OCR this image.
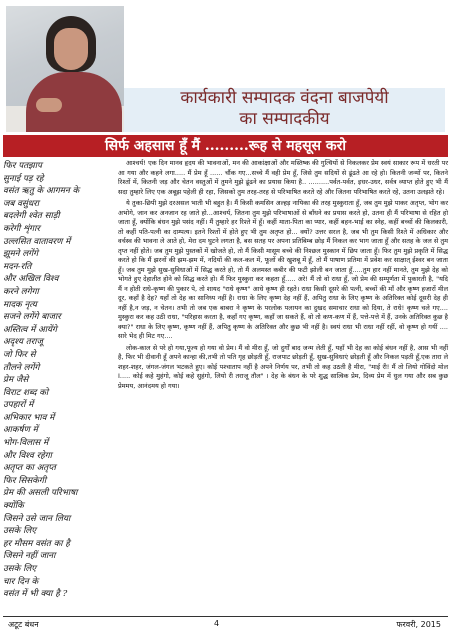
कार्यकारी सम्पादक वंदना बाजपेयी
का सम्पादकीय
सिर्फ अहसास हूँ मैं .........रूह से महसूस करो
फिर पतझाप
सुनाई पड़ रहे
वसंत ऋतु के आगमन के
जब वसुंधरा
बदलेगी श्वेत साड़ी
करेगी शृंगार
उल्लसित वातावरण में
झूमने लगेंगे
मदन-रति
और अखिल विश्व
करने लगेगा
मादक नृत्य
सजने लगेंगे बाजार
अस्तित्व में आयेंगे
अदृश्य तराजू
जो फिर से
तौलने लगेंगे
प्रेम जैसे
विराट शब्द को
उपहारों में
अभिकार भाव में
आकर्षण में
भोग-विलास में
और विश्व रहेगा
अतृप्त का अतृप्त
फिर सिसकेगी
प्रेम की असली परिभाषा
क्योंकि
जिसने उसे जान लिया
उसके लिए
हर मौसम वसंत का है
जिसने नहीं जाना
उसके लिए
चार दिन के
वसंत में भी क्या है ?

आश्चर्य! एक दिन मानव हृदय की भावनाओं, मन की आकांक्षाओं और मस्तिष्क की गुत्थियों से निकलकर प्रेम स्वयं साकार रूप में धरती पर आ गया और कहने लगा..... मैं प्रेम हूँ ...... चौंक गए...सच्चे मैं वही प्रेम हूँ, जिसे तुम सदियों से ढूंढते आ रहे हो। कितनी जन्मों पर, कितने रिश्तों में, कितनी जड़ और चेतन वस्तुओं में तुमने मुझे ढूंढने का प्रयास किया है.. ..........पर्वत-पर्वत, इधर-उधर, सर्वत्र व्याप्त होते हुए भी मैं सदा तुम्हारे लिए एक अबूझ पहेली ही रहा, जिसको तुम तरह-तरह से परिभाषित करते रहे और जितना परिभाषित करते रहे, उतना उलझते रहे।

ये तुका-छिपी मुझे दरअसल भाती भी बहुत है। मैं किसी कमसिन अल्हड़ नायिका की तरह मुस्कुराता हूँ, जब तुम मुझे पाकर अतृप्त, भोग कर अभोगे, जान कर अनजान रह जाते हो...आश्चर्य, जितना तुम मुझे परिभाषाओं से बाँधने का प्रयास करते हो, उतना ही मैं परिभाषा से रहित हो जाता हूँ, क्योंकि बंधन मुझे पसंद नहीं। मैं तुम्हारे हर रिश्ते में हूँ। कहीं माता-पिता का प्यार, कहीं बहन-भाई का स्नेह, कहीं बच्चों की किलकारी, तो कहीं पति-पत्नी का दाम्पत्य। इतने रिश्तों में होते हुए भी तुम अतृप्त हो... क्यों? उत्तर सरल है, जब भी तुम किसी रिश्ते में अधिकार और वर्चस्व की भावना ले आते हो, मेरा दम घुटने लगता है, बस सतह पर अपना प्रतिबिम्ब छोड़ मैं निकल कर भाग जाता हूँ और सतह के जल से तुम तृप्त नहीं होते। जब तुम मुझे पुस्तकों में खोजते हो, तो मैं किसी मासूम बच्चे की निश्छल मुस्कान में छिप जाता हूँ। फिर तुम मुझे प्रकृति में सिद्ध करते हो कि मैं झरनों की झम-झम में, नदियों की कल-कल में, फूलों की खुशबू में हूँ, तो मैं पाषाण प्रतिमा में प्रवेश कर साक्षात् ईश्वर बन जाता हूँ। जब तुम मुझे सुख-सुविधाओं में सिद्ध करते हो, तो मैं अलमस्त कबीर की फटी झोली बन जाता हूँ.....तुम हार नहीं मानते, तुम मुझे देह को भोगते हुए देहातीत होने को सिद्ध करते हो। मैं फिर मुस्कुरा कर कहता हूँ..... अरे! मैं तो वो राधा हूँ, जो प्रेम की सम्पूर्णता में पुकारती है, "यदि मैं न होती राधे-कृष्ण की पुकार पे, तो शायद "राधे कृष्ण" आधे कृष्ण ही रहते। राधा किसी दूसरे की पत्नी, बच्चों की माँ और कृष्ण हजारों मील दूर, कहाँ है देह? यहाँ तो देह का सानिध्य नहीं है। राधा के लिए कृष्ण देह नहीं हैं, अपितु राधा के लिए कृष्ण के अतिरिक्त कोई दूसरी देह ही नहीं है,न जड़, न चेतन। तभी तो जब एक बाबरा ने कृष्ण के परलोक पलायन का दुखद समाचार राधा को दिया, ते राधे! कृष्ण चले गए.... मुस्कुरा कर कह उठी राधा, "परिहास करता है, कहाँ गए कृष्ण, कहाँ जा सकते हैं, वो तो कण-कण में हैं, पत्ते-पत्ते में हैं, उनके अतिरिक्त कुछ है क्या?" राधा के लिए कृष्ण, कृष्ण नहीं हैं, अपितु कृष्ण के अतिरिक्त और कुछ भी नहीं है। स्वयं राधा भी राधा नहीं रहीं, वो कृष्ण हो गयीं .... सारे भेद ही मिट गए....

लोक-काल से परे हो गया,पूज्य हो गया वो प्रेम। मैं वो मीरा हूँ, जो दुर्गों बाद जन्म लेती हूँ, यहाँ भी देह का कोई बंधन नहीं है, आस भी नहीं है, फिर भी दीवानी हूँ अपने कान्हा की,तभी तो पति गृह छोड़ती हूँ, राजपाट छोड़ती हूँ, सुख-सुविधाएं छोड़ती हूँ और निकल पड़ती हूँ,एक तारा ले शहर-शहर, जंगल-जंगल भटकते हुए। कोई पश्चाताप नहीं है अपने निर्णय पर, तभी तो कह उठती है मीरा, "माई री! मैं तो लियो गोविंदो मोल I..... कोई कहे मुहंगो, कोई कहे सुहंगो, लियो री तराजू तौल" । देह के बंधन के परे शुद्ध सात्विक प्रेम, दिव्य प्रेम में धुल गया और सब कुछ प्रेममय, आनंदमय हो गया।

अटूट बंधन	4	फरवरी, 2015
